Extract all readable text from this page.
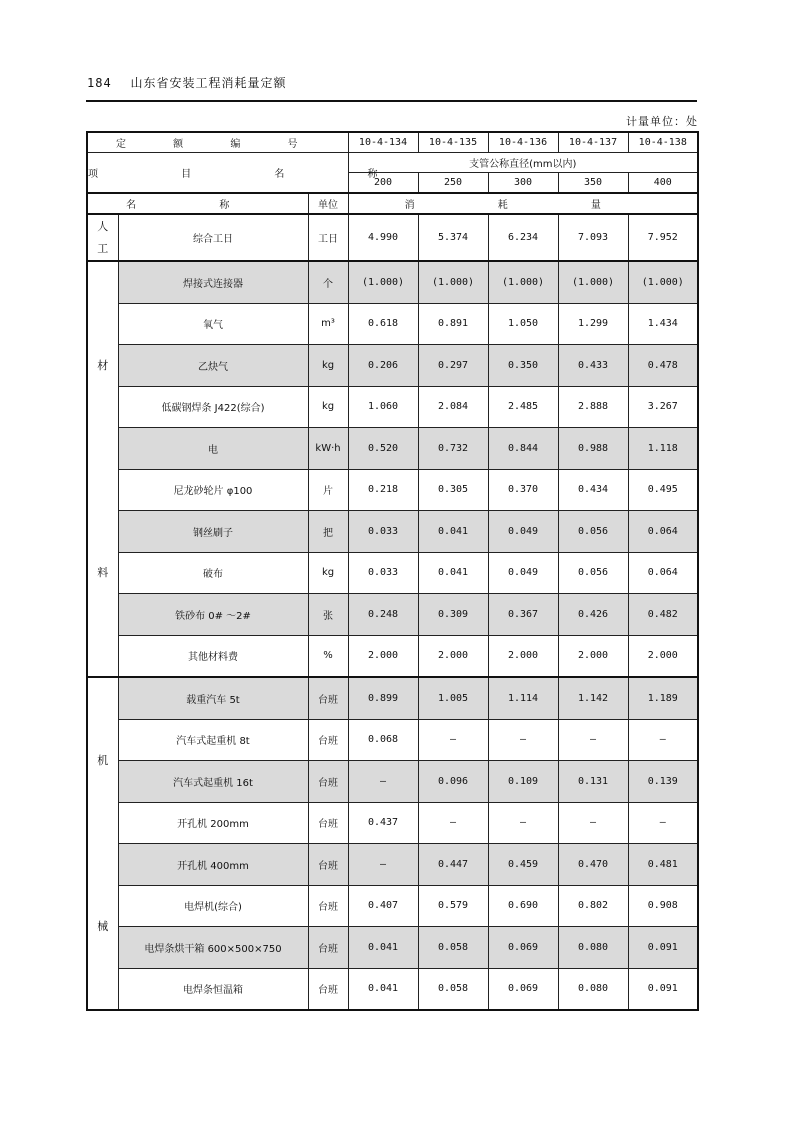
184 山东省安装工程消耗量定额
计量单位：处
定 额 编 号			10-4-134	10-4-135	10-4-136	10-4-137	10-4-138
项 目 名 称			支管公称直径(mm以内)				
			200	250	300	350	400
名 称		单位	消 耗 量				

人
工	综合工日	工日	4.990	5.374	6.234	7.093	7.952

材
料	焊接式连接器	个	(1.000)	(1.000)	(1.000)	(1.000)	(1.000)
	氧气	m³	0.618	0.891	1.050	1.299	1.434
	乙炔气	kg	0.206	0.297	0.350	0.433	0.478
	低碳钢焊条 J422(综合)	kg	1.060	2.084	2.485	2.888	3.267
	电	kW·h	0.520	0.732	0.844	0.988	1.118
	尼龙砂轮片 φ100	片	0.218	0.305	0.370	0.434	0.495
	钢丝刷子	把	0.033	0.041	0.049	0.056	0.064
	破布	kg	0.033	0.041	0.049	0.056	0.064
	铁砂布 0# ～2#	张	0.248	0.309	0.367	0.426	0.482
	其他材料费	%	2.000	2.000	2.000	2.000	2.000

机
械	载重汽车 5t	台班	0.899	1.005	1.114	1.142	1.189
	汽车式起重机 8t	台班	0.068	—	—	—	—
	汽车式起重机 16t	台班	—	0.096	0.109	0.131	0.139
	开孔机 200mm	台班	0.437	—	—	—	—
	开孔机 400mm	台班	—	0.447	0.459	0.470	0.481
	电焊机(综合)	台班	0.407	0.579	0.690	0.802	0.908
	电焊条烘干箱 600×500×750	台班	0.041	0.058	0.069	0.080	0.091
	电焊条恒温箱	台班	0.041	0.058	0.069	0.080	0.091
